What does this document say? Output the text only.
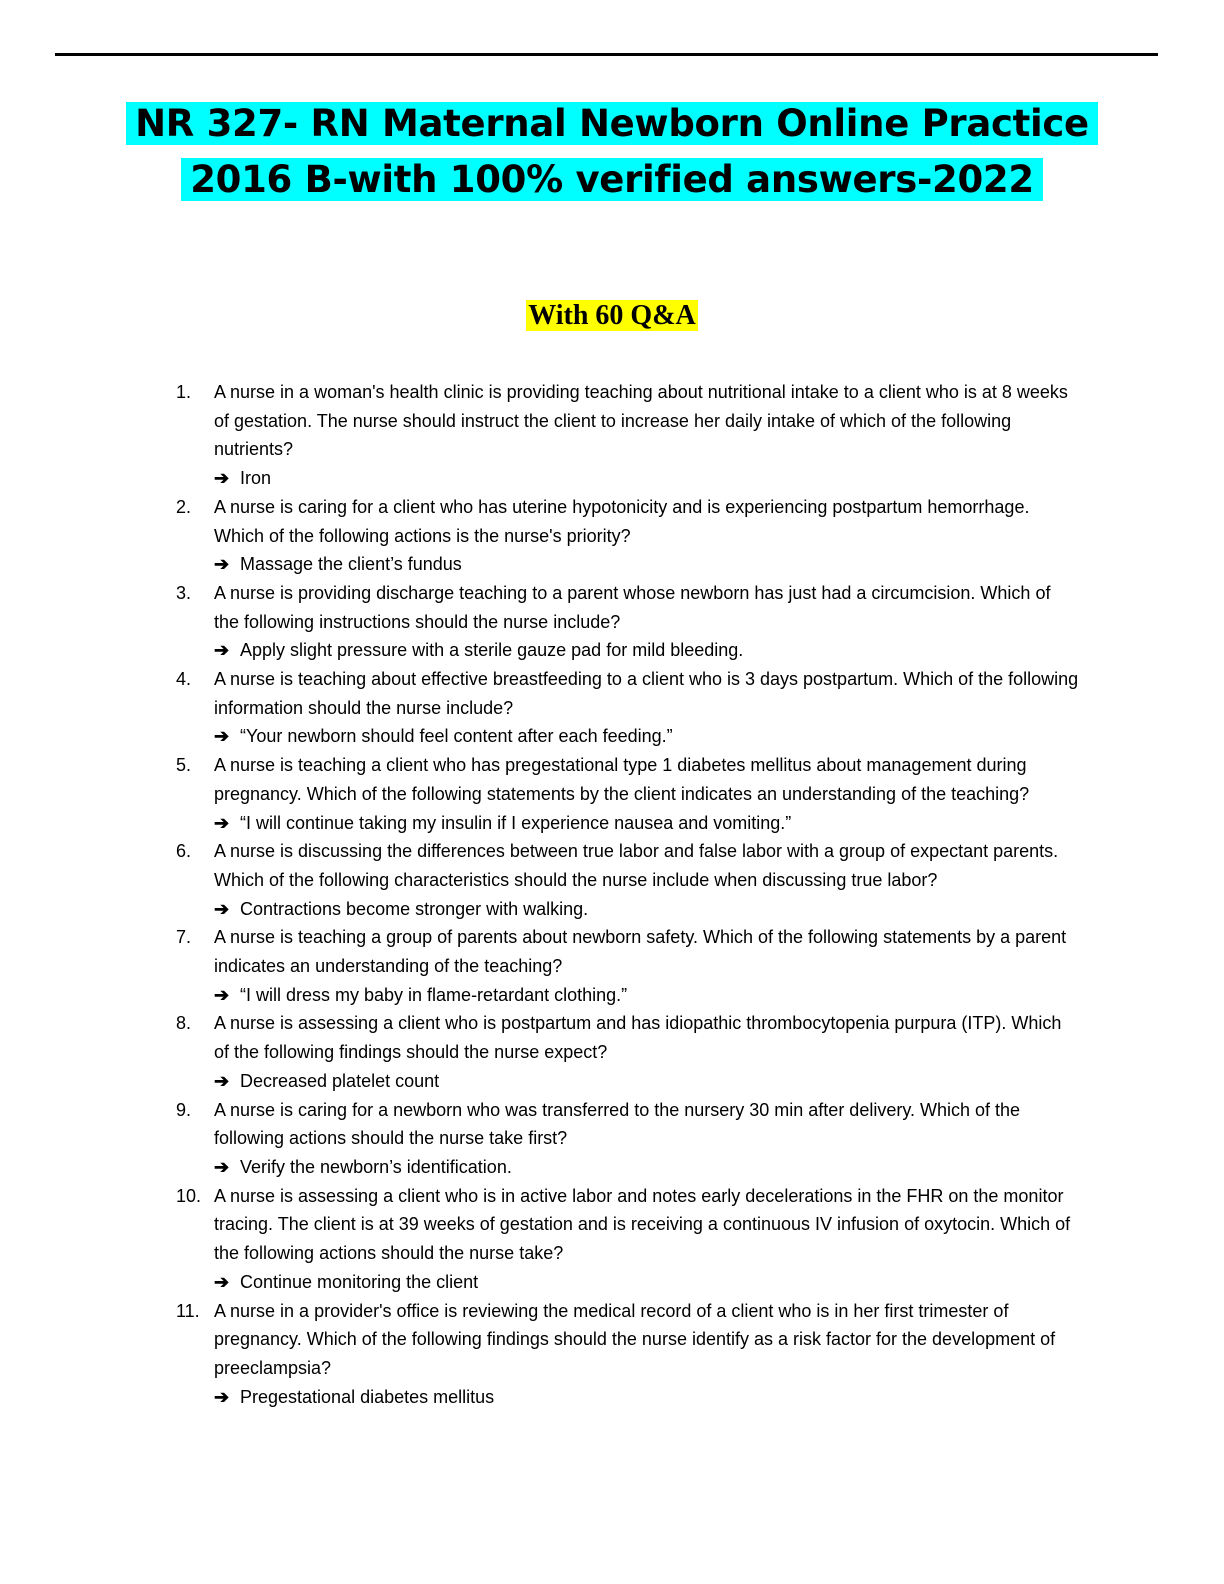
NR 327- RN Maternal Newborn Online Practice
2016 B-with 100% verified answers-2022
With 60 Q&A
1.	A nurse in a woman's health clinic is providing teaching about nutritional intake to a client who is at 8 weeks of gestation. The nurse should instruct the client to increase her daily intake of which of the following nutrients?
➔ Iron
2.	A nurse is caring for a client who has uterine hypotonicity and is experiencing postpartum hemorrhage. Which of the following actions is the nurse's priority?
➔ Massage the client’s fundus
3.	A nurse is providing discharge teaching to a parent whose newborn has just had a circumcision. Which of the following instructions should the nurse include?
➔ Apply slight pressure with a sterile gauze pad for mild bleeding.
4.	A nurse is teaching about effective breastfeeding to a client who is 3 days postpartum. Which of the following information should the nurse include?
➔ “Your newborn should feel content after each feeding.”
5.	A nurse is teaching a client who has pregestational type 1 diabetes mellitus about management during pregnancy. Which of the following statements by the client indicates an understanding of the teaching?
➔ “I will continue taking my insulin if I experience nausea and vomiting.”
6.	A nurse is discussing the differences between true labor and false labor with a group of expectant parents. Which of the following characteristics should the nurse include when discussing true labor?
➔ Contractions become stronger with walking.
7.	A nurse is teaching a group of parents about newborn safety. Which of the following statements by a parent indicates an understanding of the teaching?
➔ “I will dress my baby in flame-retardant clothing.”
8.	A nurse is assessing a client who is postpartum and has idiopathic thrombocytopenia purpura (ITP). Which of the following findings should the nurse expect?
➔ Decreased platelet count
9.	A nurse is caring for a newborn who was transferred to the nursery 30 min after delivery. Which of the following actions should the nurse take first?
➔ Verify the newborn’s identification.
10. A nurse is assessing a client who is in active labor and notes early decelerations in the FHR on the monitor tracing. The client is at 39 weeks of gestation and is receiving a continuous IV infusion of oxytocin. Which of the following actions should the nurse take?
➔ Continue monitoring the client
11. A nurse in a provider's office is reviewing the medical record of a client who is in her first trimester of pregnancy. Which of the following findings should the nurse identify as a risk factor for the development of preeclampsia?
➔ Pregestational diabetes mellitus
